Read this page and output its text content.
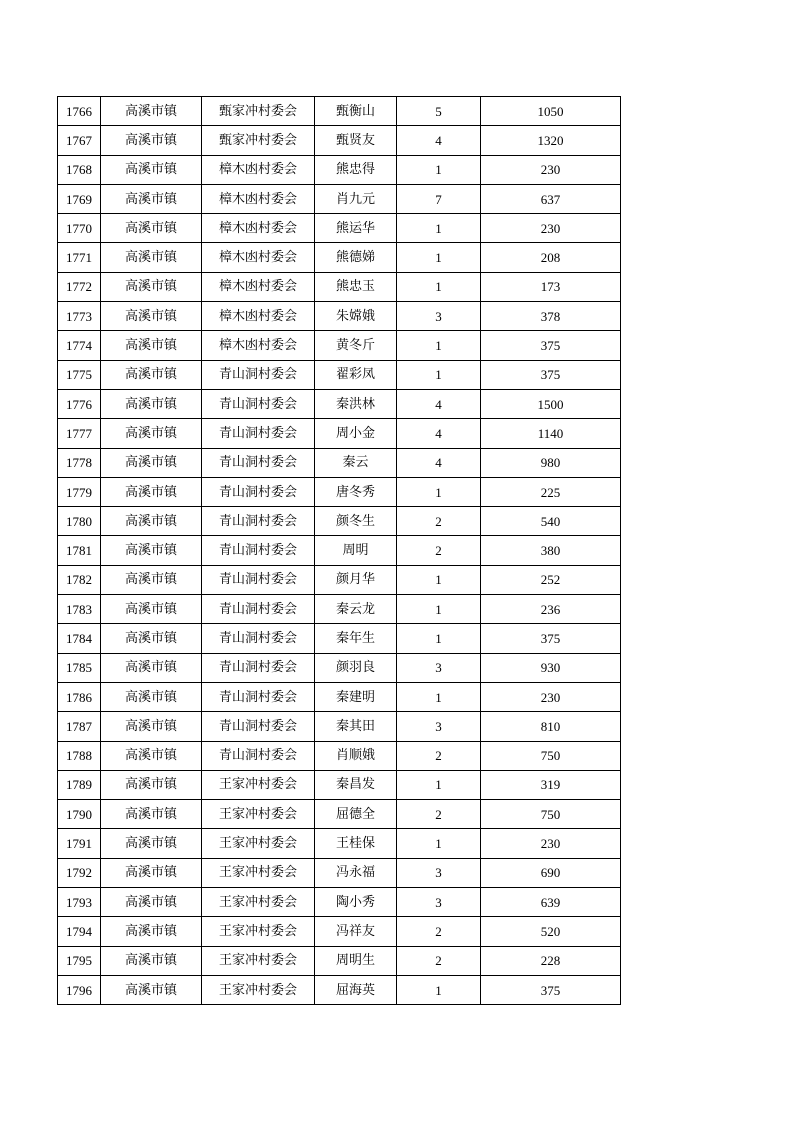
1766	高溪市镇	甄家冲村委会	甄衡山	5	1050
1767	高溪市镇	甄家冲村委会	甄贤友	4	1320
1768	高溪市镇	樟木凼村委会	熊忠得	1	230
1769	高溪市镇	樟木凼村委会	肖九元	7	637
1770	高溪市镇	樟木凼村委会	熊运华	1	230
1771	高溪市镇	樟木凼村委会	熊德娣	1	208
1772	高溪市镇	樟木凼村委会	熊忠玉	1	173
1773	高溪市镇	樟木凼村委会	朱嫦娥	3	378
1774	高溪市镇	樟木凼村委会	黄冬斤	1	375
1775	高溪市镇	青山洞村委会	翟彩凤	1	375
1776	高溪市镇	青山洞村委会	秦洪林	4	1500
1777	高溪市镇	青山洞村委会	周小金	4	1140
1778	高溪市镇	青山洞村委会	秦云	4	980
1779	高溪市镇	青山洞村委会	唐冬秀	1	225
1780	高溪市镇	青山洞村委会	颜冬生	2	540
1781	高溪市镇	青山洞村委会	周明	2	380
1782	高溪市镇	青山洞村委会	颜月华	1	252
1783	高溪市镇	青山洞村委会	秦云龙	1	236
1784	高溪市镇	青山洞村委会	秦年生	1	375
1785	高溪市镇	青山洞村委会	颜羽良	3	930
1786	高溪市镇	青山洞村委会	秦建明	1	230
1787	高溪市镇	青山洞村委会	秦其田	3	810
1788	高溪市镇	青山洞村委会	肖顺娥	2	750
1789	高溪市镇	王家冲村委会	秦昌发	1	319
1790	高溪市镇	王家冲村委会	屈德全	2	750
1791	高溪市镇	王家冲村委会	王桂保	1	230
1792	高溪市镇	王家冲村委会	冯永福	3	690
1793	高溪市镇	王家冲村委会	陶小秀	3	639
1794	高溪市镇	王家冲村委会	冯祥友	2	520
1795	高溪市镇	王家冲村委会	周明生	2	228
1796	高溪市镇	王家冲村委会	屈海英	1	375
